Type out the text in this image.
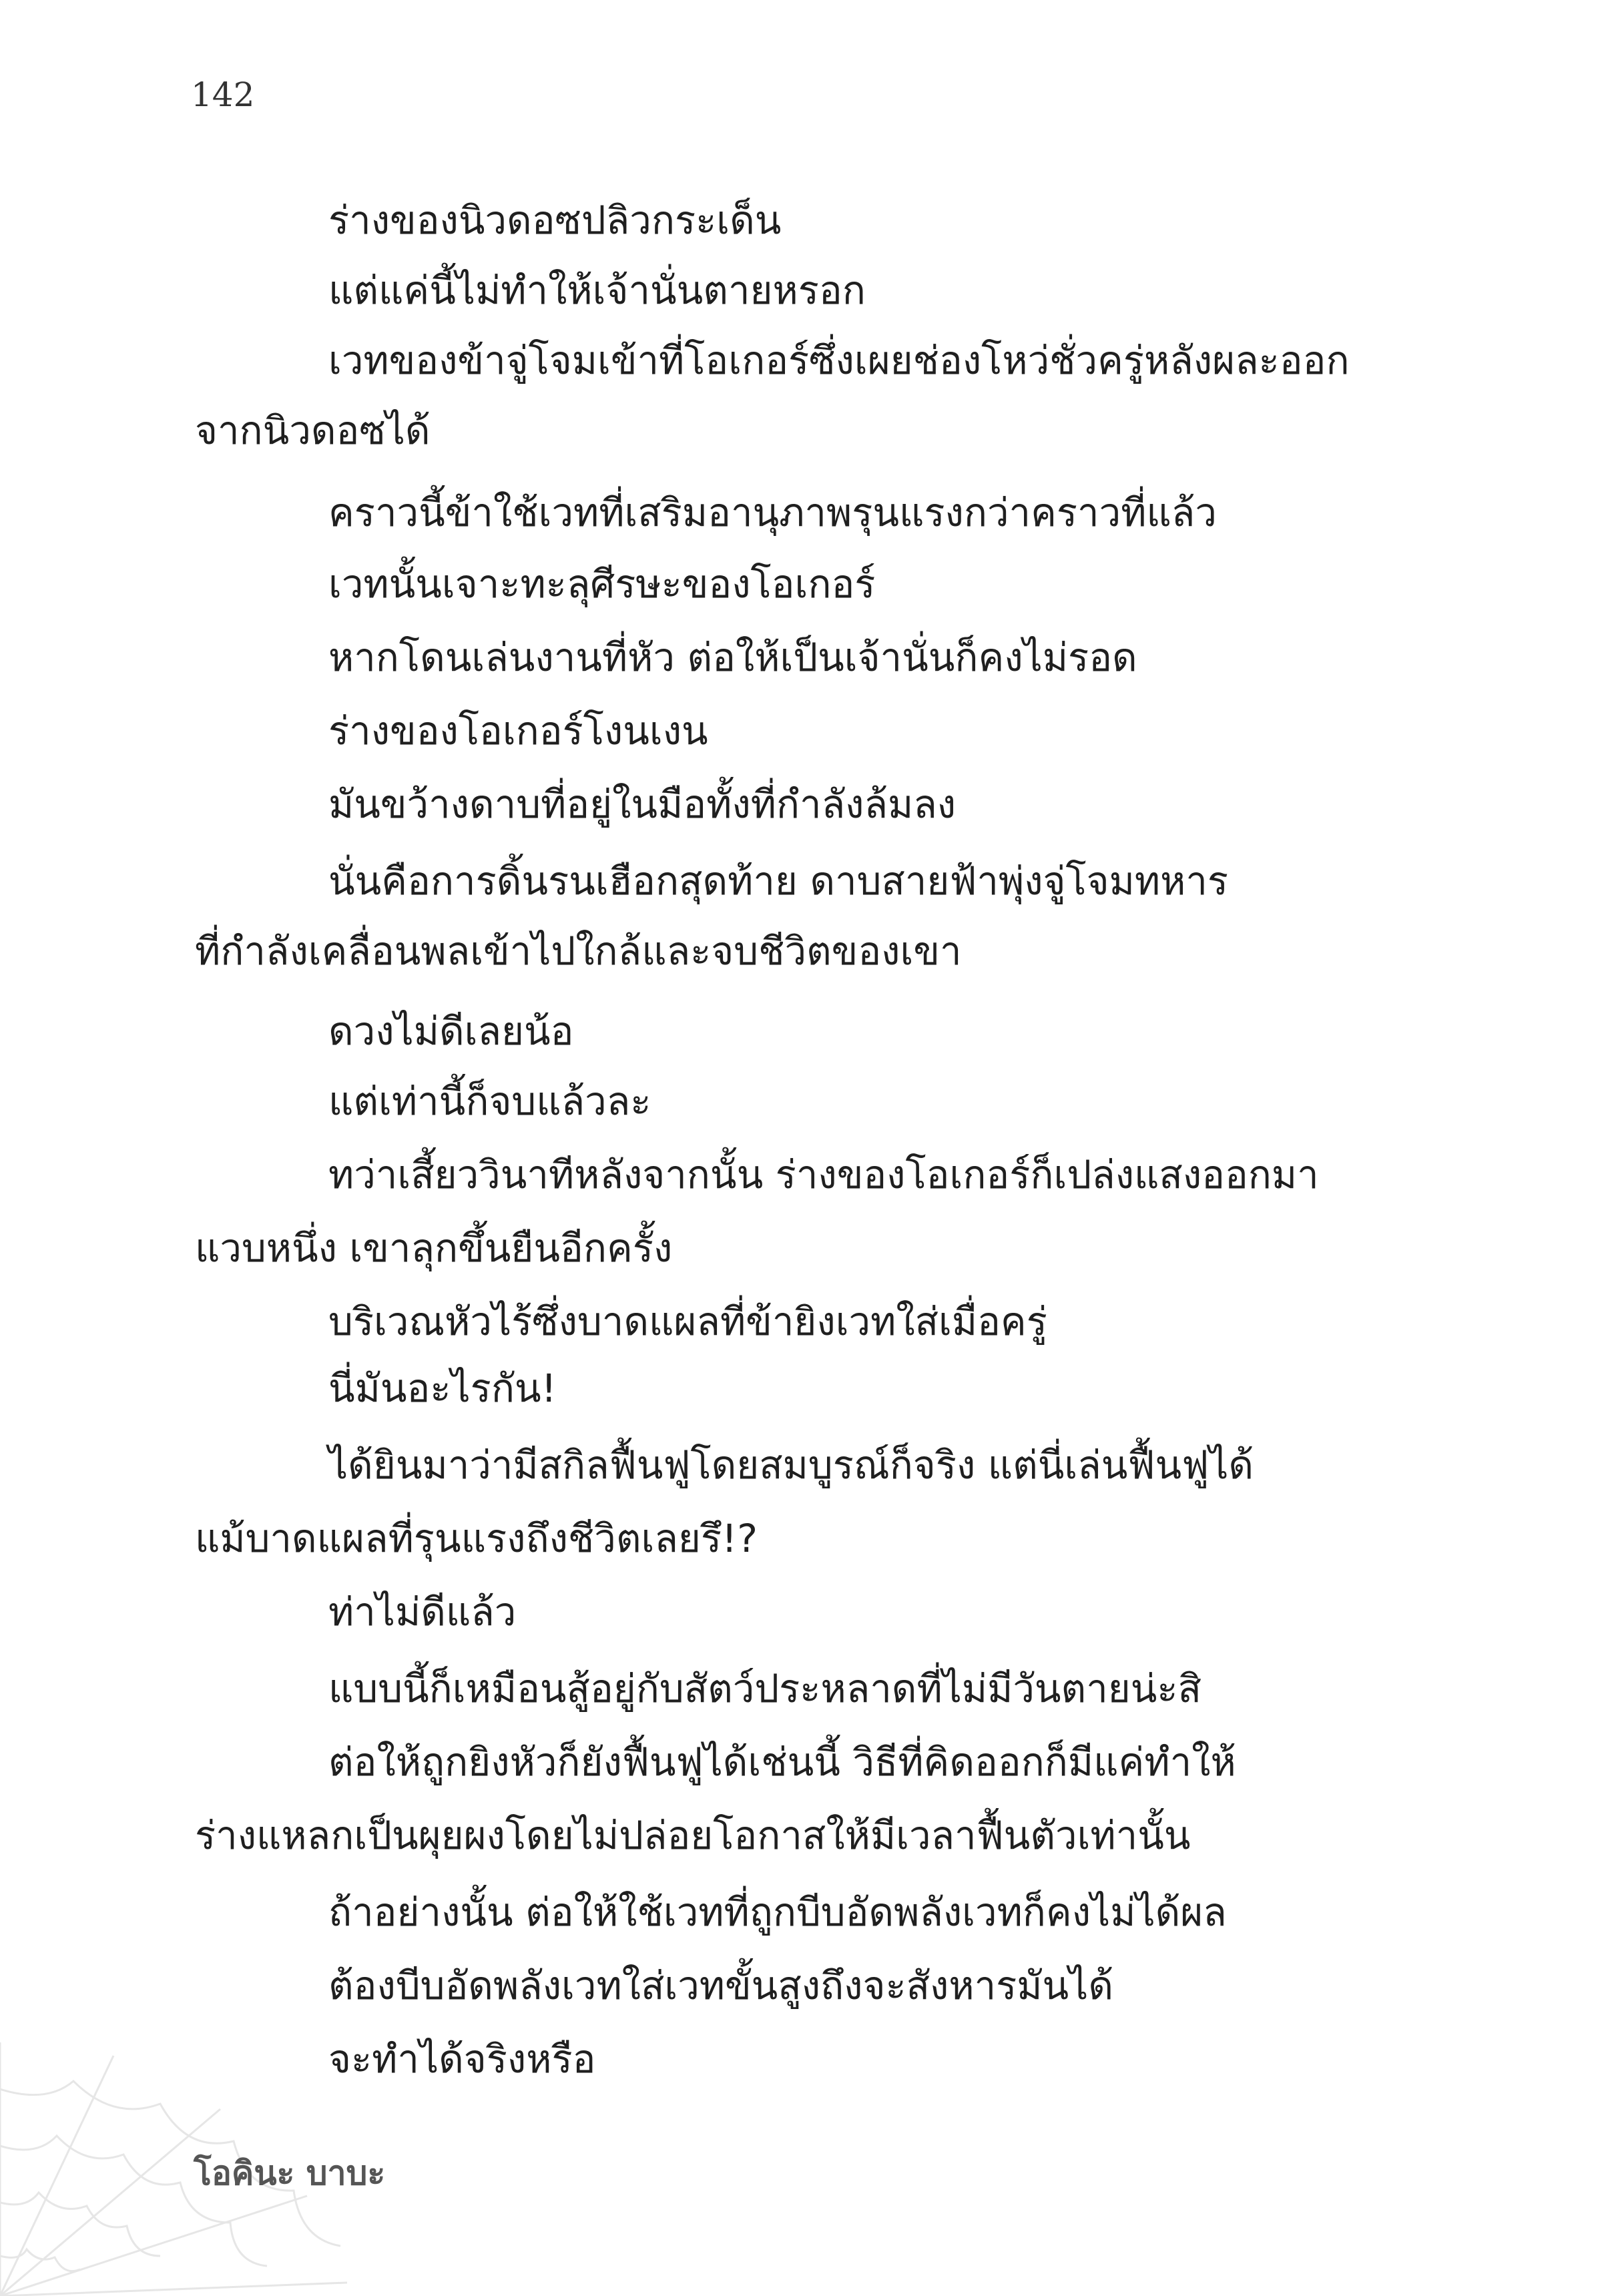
142
ร่างของนิวดอซปลิวกระเด็น
แต่แค่นี้ไม่ทำให้เจ้านั่นตายหรอก
เวทของข้าจู่โจมเข้าที่โอเกอร์ซึ่งเผยช่องโหว่ชั่วครู่หลังผละออก
จากนิวดอซได้
คราวนี้ข้าใช้เวทที่เสริมอานุภาพรุนแรงกว่าคราวที่แล้ว
เวทนั้นเจาะทะลุศีรษะของโอเกอร์
หากโดนเล่นงานที่หัว ต่อให้เป็นเจ้านั่นก็คงไม่รอด
ร่างของโอเกอร์โงนเงน
มันขว้างดาบที่อยู่ในมือทั้งที่กำลังล้มลง
นั่นคือการดิ้นรนเฮือกสุดท้าย ดาบสายฟ้าพุ่งจู่โจมทหาร
ที่กำลังเคลื่อนพลเข้าไปใกล้และจบชีวิตของเขา
ดวงไม่ดีเลยน้อ
แต่เท่านี้ก็จบแล้วละ
ทว่าเสี้ยววินาทีหลังจากนั้น ร่างของโอเกอร์ก็เปล่งแสงออกมา
แวบหนึ่ง เขาลุกขึ้นยืนอีกครั้ง
บริเวณหัวไร้ซึ่งบาดแผลที่ข้ายิงเวทใส่เมื่อครู่
นี่มันอะไรกัน!
ได้ยินมาว่ามีสกิลฟื้นฟูโดยสมบูรณ์ก็จริง แต่นี่เล่นฟื้นฟูได้
แม้บาดแผลที่รุนแรงถึงชีวิตเลยรึ!?
ท่าไม่ดีแล้ว
แบบนี้ก็เหมือนสู้อยู่กับสัตว์ประหลาดที่ไม่มีวันตายน่ะสิ
ต่อให้ถูกยิงหัวก็ยังฟื้นฟูได้เช่นนี้ วิธีที่คิดออกก็มีแค่ทำให้
ร่างแหลกเป็นผุยผงโดยไม่ปล่อยโอกาสให้มีเวลาฟื้นตัวเท่านั้น
ถ้าอย่างนั้น ต่อให้ใช้เวทที่ถูกบีบอัดพลังเวทก็คงไม่ได้ผล
ต้องบีบอัดพลังเวทใส่เวทขั้นสูงถึงจะสังหารมันได้
จะทำได้จริงหรือ
โอคินะ บาบะ
